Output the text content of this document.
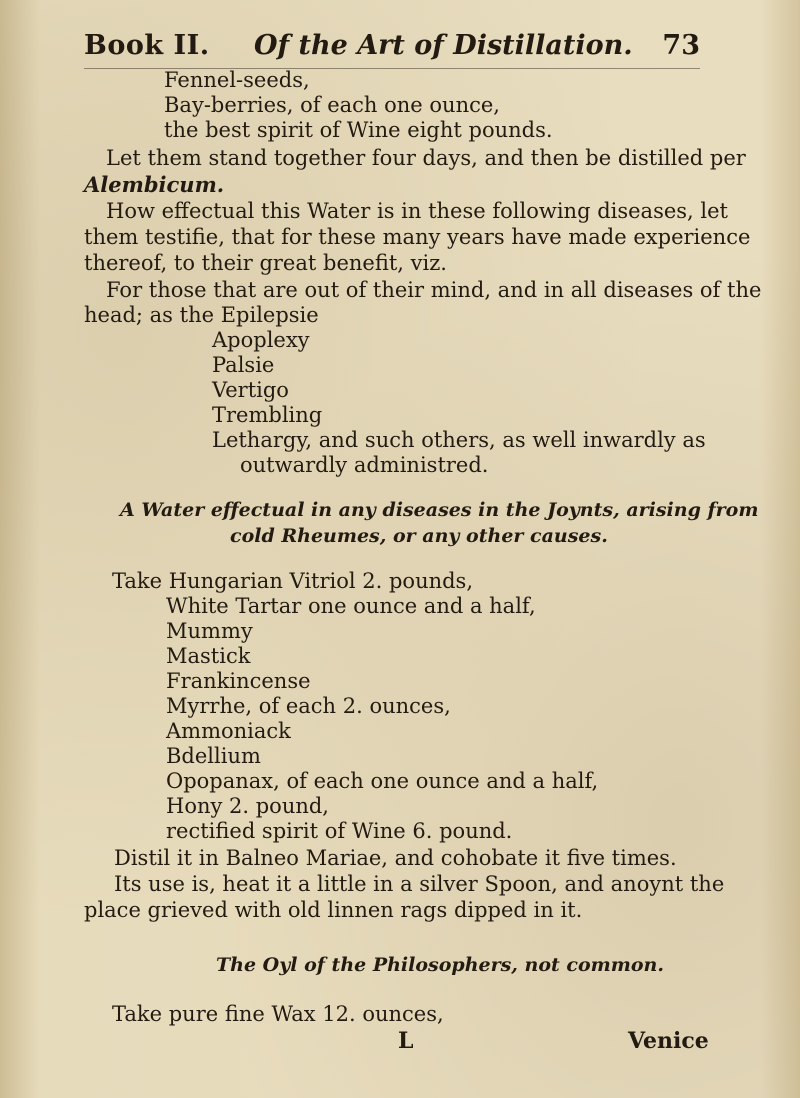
Book II. Of the Art of Distillation. 73
Fennel-seeds,
Bay-berries, of each one ounce,
the best spirit of Wine eight pounds.
Let them stand together four days, and then be distilled per
Alembicum.
How effectual this Water is in these following diseases, let
them testifie, that for these many years have made experience
thereof, to their great benefit, viz.
For those that are out of their mind, and in all diseases of the
head; as the Epilepsie
Apoplexy
Palsie
Vertigo
Trembling
Lethargy, and such others, as well inwardly as
outwardly administred.
A Water effectual in any diseases in the Joynts, arising from
cold Rheumes, or any other causes.
Take Hungarian Vitriol 2. pounds,
White Tartar one ounce and a half,
Mummy
Mastick
Frankincense
Myrrhe, of each 2. ounces,
Ammoniack
Bdellium
Opopanax, of each one ounce and a half,
Hony 2. pound,
rectified spirit of Wine 6. pound.
Distil it in Balneo Mariae, and cohobate it five times.
Its use is, heat it a little in a silver Spoon, and anoynt the
place grieved with old linnen rags dipped in it.
The Oyl of the Philosophers, not common.
Take pure fine Wax 12. ounces,
L	Venice
